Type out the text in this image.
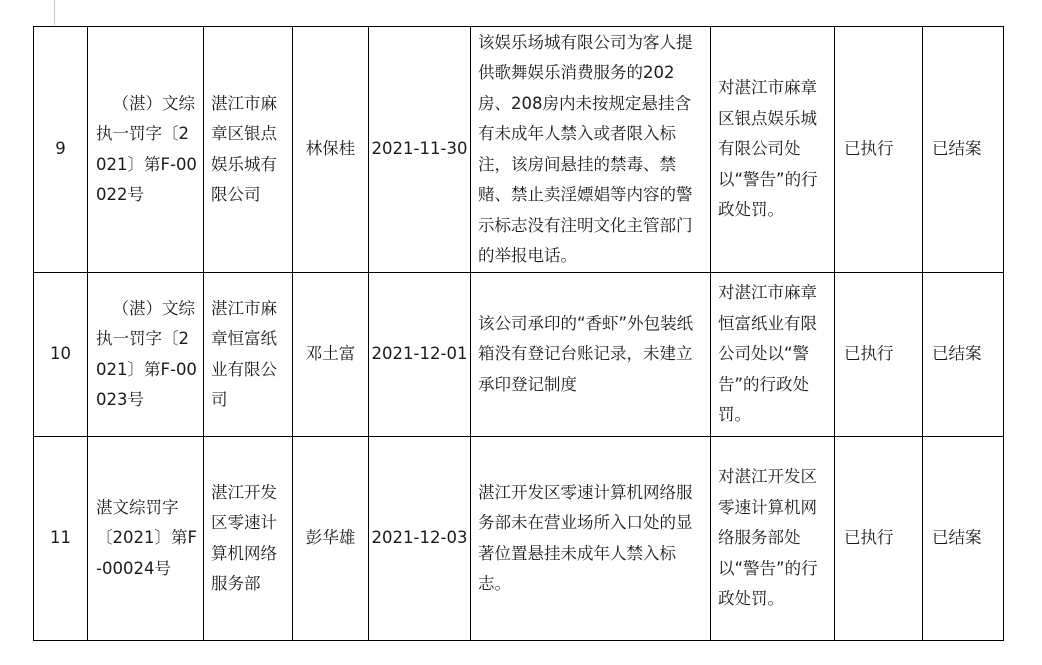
9	（湛）文综执一罚字〔2021〕第F-00022号	湛江市麻章区银点娱乐城有限公司	林保桂	2021-11-30	该娱乐场城有限公司为客人提供歌舞娱乐消费服务的202房、208房内未按规定悬挂含有未成年人禁入或者限入标注，该房间悬挂的禁毒、禁赌、禁止卖淫嫖娼等内容的警示标志没有注明文化主管部门的举报电话。	对湛江市麻章区银点娱乐城有限公司处以“警告”的行政处罚。	已执行	已结案
10	（湛）文综执一罚字〔2021〕第F-00023号	湛江市麻章恒富纸业有限公司	邓土富	2021-12-01	该公司承印的“香虾”外包装纸箱没有登记台账记录，未建立承印登记制度	对湛江市麻章恒富纸业有限公司处以“警告”的行政处罚。	已执行	已结案
11	湛文综罚字〔2021〕第F-00024号	湛江开发区零速计算机网络服务部	彭华雄	2021-12-03	湛江开发区零速计算机网络服务部未在营业场所入口处的显著位置悬挂未成年人禁入标志。	对湛江开发区零速计算机网络服务部处以“警告”的行政处罚。	已执行	已结案
